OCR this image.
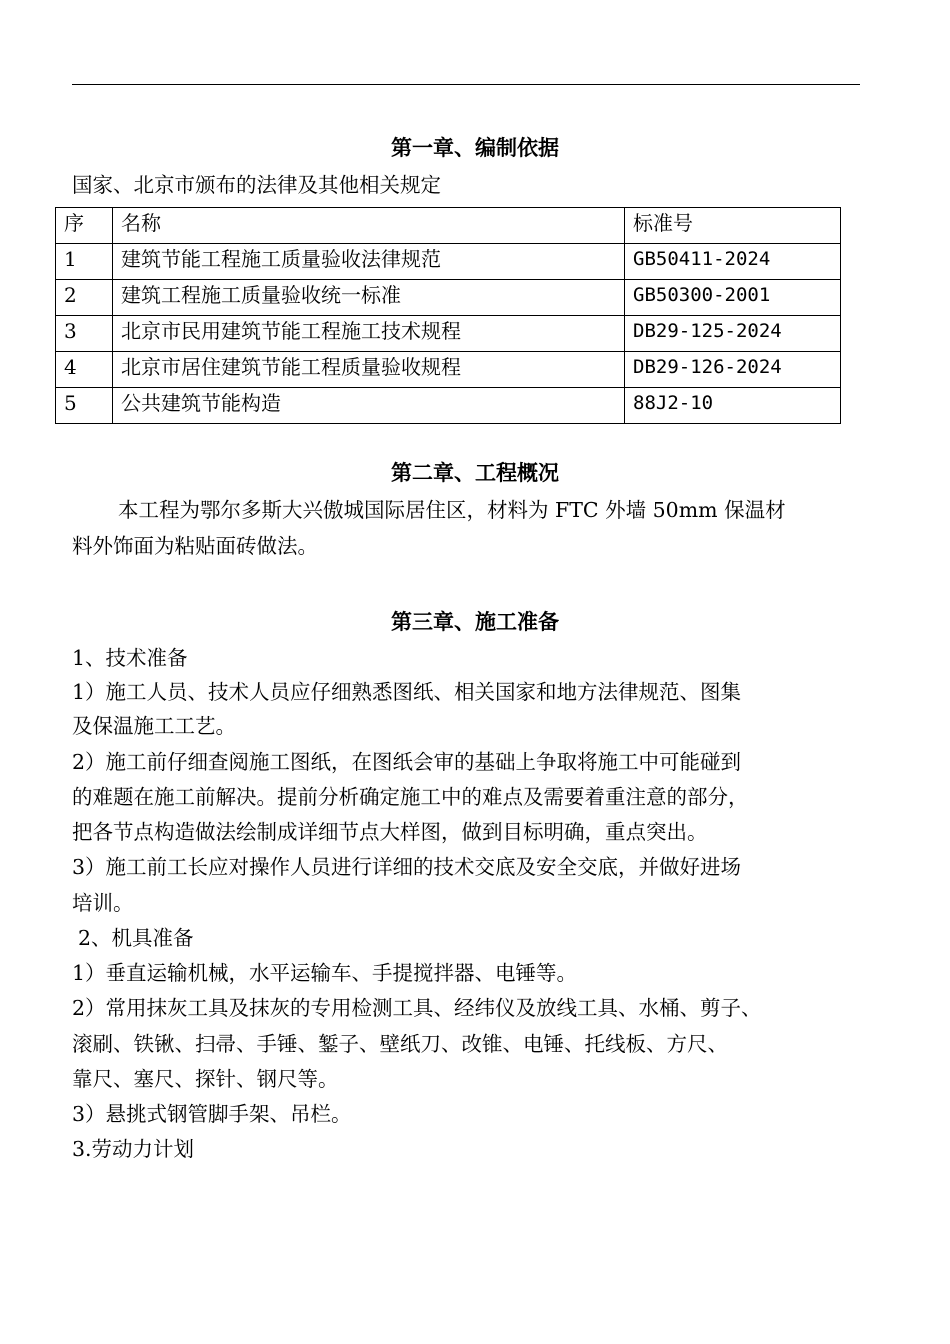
第一章、编制依据
国家、北京市颁布的法律及其他相关规定
序	名称	标准号
1	建筑节能工程施工质量验收法律规范	GB50411-2024
2	建筑工程施工质量验收统一标准	GB50300-2001
3	北京市民用建筑节能工程施工技术规程	DB29-125-2024
4	北京市居住建筑节能工程质量验收规程	DB29-126-2024
5	公共建筑节能构造	88J2-10
第二章、工程概况
本工程为鄂尔多斯大兴傲城国际居住区，材料为 FTC 外墙 50mm 保温材
料外饰面为粘贴面砖做法。
第三章、施工准备
1、技术准备
1）施工人员、技术人员应仔细熟悉图纸、相关国家和地方法律规范、图集
及保温施工工艺。
2）施工前仔细查阅施工图纸，在图纸会审的基础上争取将施工中可能碰到
的难题在施工前解决。提前分析确定施工中的难点及需要着重注意的部分，
把各节点构造做法绘制成详细节点大样图，做到目标明确，重点突出。
3）施工前工长应对操作人员进行详细的技术交底及安全交底，并做好进场
培训。
2、机具准备
1）垂直运输机械，水平运输车、手提搅拌器、电锤等。
2）常用抹灰工具及抹灰的专用检测工具、经纬仪及放线工具、水桶、剪子、
滚刷、铁锹、扫帚、手锤、錾子、壁纸刀、改锥、电锤、托线板、方尺、
靠尺、塞尺、探针、钢尺等。
3）悬挑式钢管脚手架、吊栏。
3.劳动力计划
